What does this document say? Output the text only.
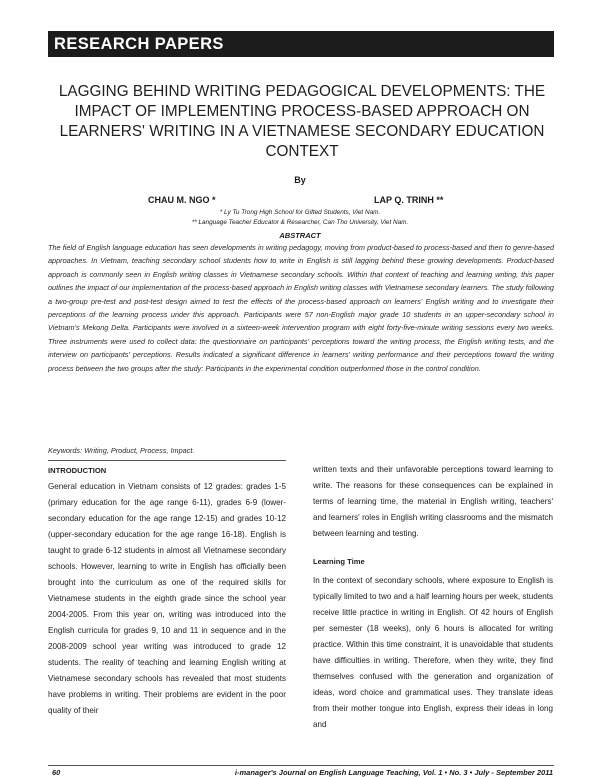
RESEARCH PAPERS
LAGGING BEHIND WRITING PEDAGOGICAL DEVELOPMENTS: THE IMPACT OF IMPLEMENTING PROCESS-BASED APPROACH ON LEARNERS' WRITING IN A VIETNAMESE SECONDARY EDUCATION CONTEXT
By
CHAU M. NGO *	LAP Q. TRINH **
* Ly Tu Trong High School for Gifted Students, Viet Nam.
** Language Teacher Educator & Researcher, Can Tho University, Viet Nam.
ABSTRACT

The field of English language education has seen developments in writing pedagogy, moving from product-based to process-based and then to genre-based approaches. In Vietnam, teaching secondary school students how to write in English is still lagging behind these growing developments. Product-based approach is commonly seen in English writing classes in Vietnamese secondary schools. Within that context of teaching and learning writing, this paper outlines the impact of our implementation of the process-based approach in English writing classes with Vietnamese secondary learners. The study following a two-group pre-test and post-test design aimed to test the effects of the process-based approach on learners' English writing and to investigate their perceptions of the learning process under this approach. Participants were 57 non-English major grade 10 students in an upper-secondary school in Vietnam's Mekong Delta. Participants were involved in a sixteen-week intervention program with eight forty-five-minute writing sessions every two weeks. Three instruments were used to collect data: the questionnaire on participants' perceptions toward the writing process, the English writing tests, and the interview on participants' perceptions. Results indicated a significant difference in learners' writing performance and their perceptions toward the writing process between the two groups after the study: Participants in the experimental condition outperformed those in the control condition.

Keywords: Writing, Product, Process, Impact.
INTRODUCTION

General education in Vietnam consists of 12 grades: grades 1-5 (primary education for the age range 6-11), grades 6-9 (lower-secondary education for the age range 12-15) and grades 10-12 (upper-secondary education for the age range 16-18). English is taught to grade 6-12 students in almost all Vietnamese secondary schools. However, learning to write in English has officially been brought into the curriculum as one of the required skills for Vietnamese students in the eighth grade since the school year 2004-2005. From this year on, writing was introduced into the English curricula for grades 9, 10 and 11 in sequence and in the 2008-2009 school year writing was introduced to grade 12 students. The reality of teaching and learning English writing at Vietnamese secondary schools has revealed that most students have problems in writing. Their problems are evident in the poor quality of their

written texts and their unfavorable perceptions toward learning to write. The reasons for these consequences can be explained in terms of learning time, the material in English writing, teachers' and learners' roles in English writing classrooms and the mismatch between learning and testing.

Learning Time

In the context of secondary schools, where exposure to English is typically limited to two and a half learning hours per week, students receive little practice in writing in English. Of 42 hours of English per semester (18 weeks), only 6 hours is allocated for writing practice. Within this time constraint, it is unavoidable that students have difficulties in writing. Therefore, when they write, they find themselves confused with the generation and organization of ideas, word choice and grammatical uses. They translate ideas from their mother tongue into English, express their ideas in long and

60	i-manager's Journal on English Language Teaching, Vol. 1 • No. 3 • July - September 2011
